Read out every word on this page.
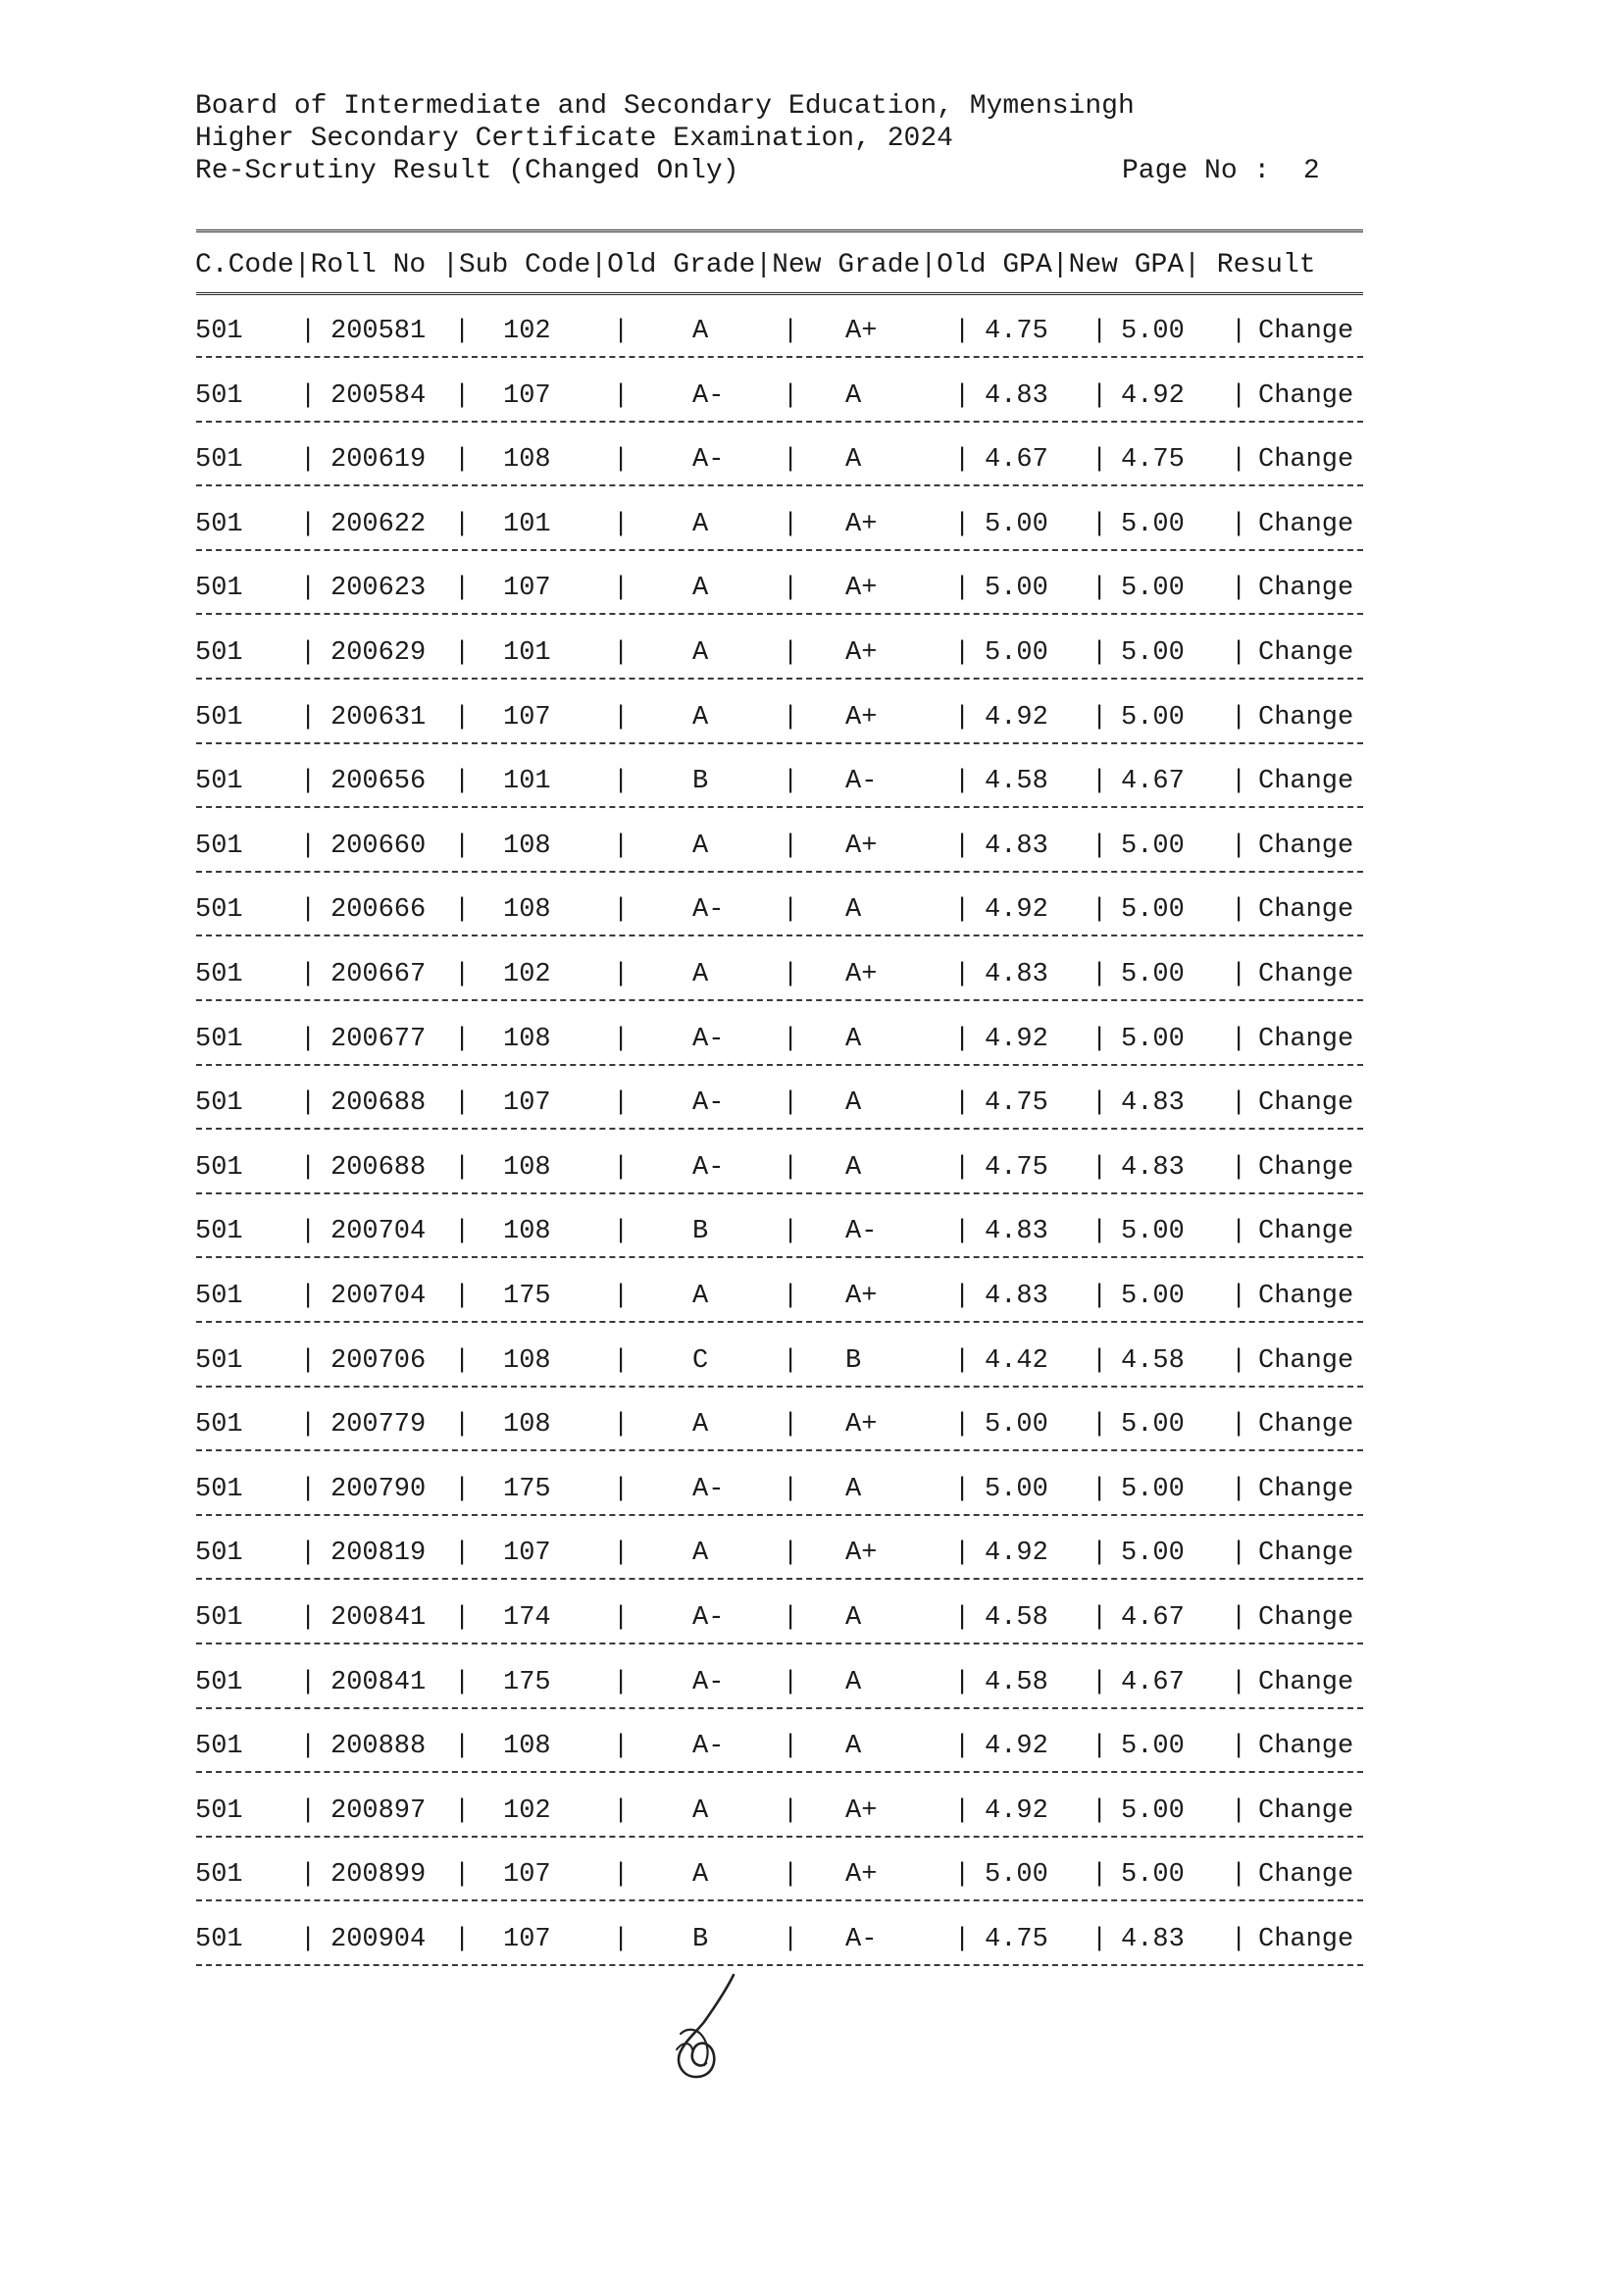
Board of Intermediate and Secondary Education, Mymensingh
Higher Secondary Certificate Examination, 2024
Re-Scrutiny Result (Changed Only)	Page No : 2
C.Code|Roll No |Sub Code|Old Grade|New Grade|Old GPA|New GPA| Result
501	200581	102	A	A+	4.75	5.00	Change
|	|	|	|	|	|	|
501	200584	107	A-	A	4.83	4.92	Change
|	|	|	|	|	|	|
501	200619	108	A-	A	4.67	4.75	Change
|	|	|	|	|	|	|
501	200622	101	A	A+	5.00	5.00	Change
|	|	|	|	|	|	|
501	200623	107	A	A+	5.00	5.00	Change
|	|	|	|	|	|	|
501	200629	101	A	A+	5.00	5.00	Change
|	|	|	|	|	|	|
501	200631	107	A	A+	4.92	5.00	Change
|	|	|	|	|	|	|
501	200656	101	B	A-	4.58	4.67	Change
|	|	|	|	|	|	|
501	200660	108	A	A+	4.83	5.00	Change
|	|	|	|	|	|	|
501	200666	108	A-	A	4.92	5.00	Change
|	|	|	|	|	|	|
501	200667	102	A	A+	4.83	5.00	Change
|	|	|	|	|	|	|
501	200677	108	A-	A	4.92	5.00	Change
|	|	|	|	|	|	|
501	200688	107	A-	A	4.75	4.83	Change
|	|	|	|	|	|	|
501	200688	108	A-	A	4.75	4.83	Change
|	|	|	|	|	|	|
501	200704	108	B	A-	4.83	5.00	Change
|	|	|	|	|	|	|
501	200704	175	A	A+	4.83	5.00	Change
|	|	|	|	|	|	|
501	200706	108	C	B	4.42	4.58	Change
|	|	|	|	|	|	|
501	200779	108	A	A+	5.00	5.00	Change
|	|	|	|	|	|	|
501	200790	175	A-	A	5.00	5.00	Change
|	|	|	|	|	|	|
501	200819	107	A	A+	4.92	5.00	Change
|	|	|	|	|	|	|
501	200841	174	A-	A	4.58	4.67	Change
|	|	|	|	|	|	|
501	200841	175	A-	A	4.58	4.67	Change
|	|	|	|	|	|	|
501	200888	108	A-	A	4.92	5.00	Change
|	|	|	|	|	|	|
501	200897	102	A	A+	4.92	5.00	Change
|	|	|	|	|	|	|
501	200899	107	A	A+	5.00	5.00	Change
|	|	|	|	|	|	|
501	200904	107	B	A-	4.75	4.83	Change
|	|	|	|	|	|	|
